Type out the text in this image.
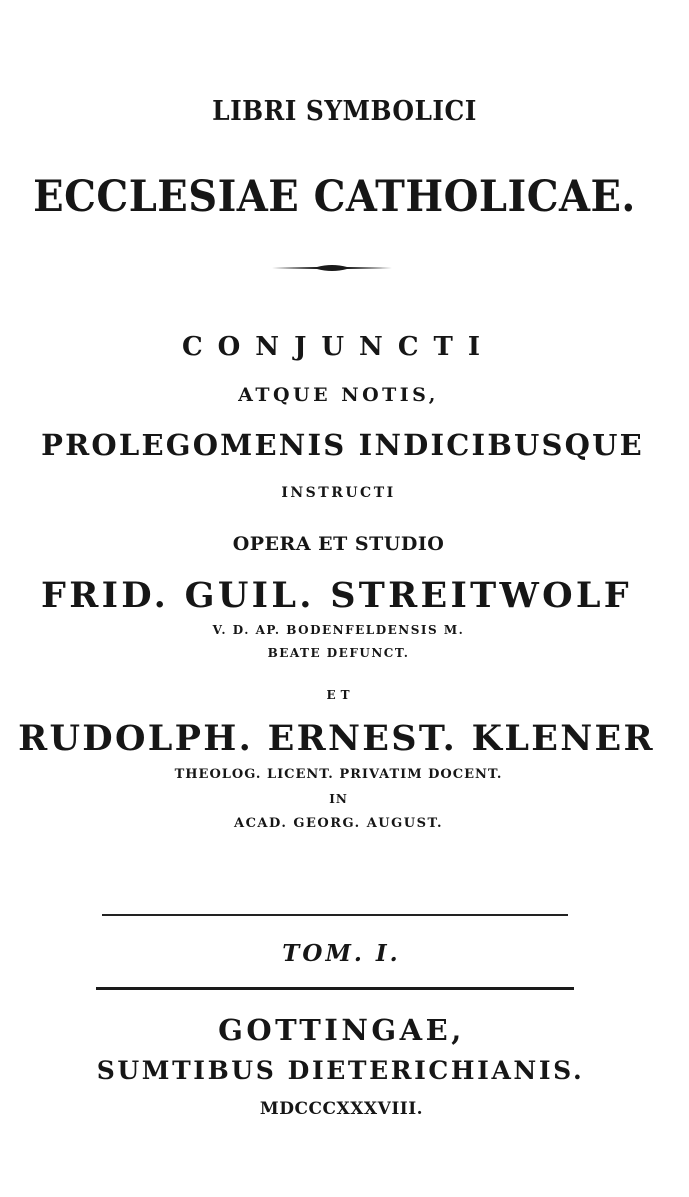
LIBRI SYMBOLICI
ECCLESIAE CATHOLICAE.
CONJUNCTI
ATQUE NOTIS,
PROLEGOMENIS INDICIBUSQUE
INSTRUCTI
OPERA ET STUDIO
FRID. GUIL. STREITWOLF
V. D. AP. BODENFELDENSIS M.
BEATE DEFUNCT.
ET
RUDOLPH. ERNEST. KLENER
THEOLOG. LICENT. PRIVATIM DOCENT.
IN
ACAD. GEORG. AUGUST.
TOM. I.
GOTTINGAE,
SUMTIBUS DIETERICHIANIS.
MDCCCXXXVIII.
